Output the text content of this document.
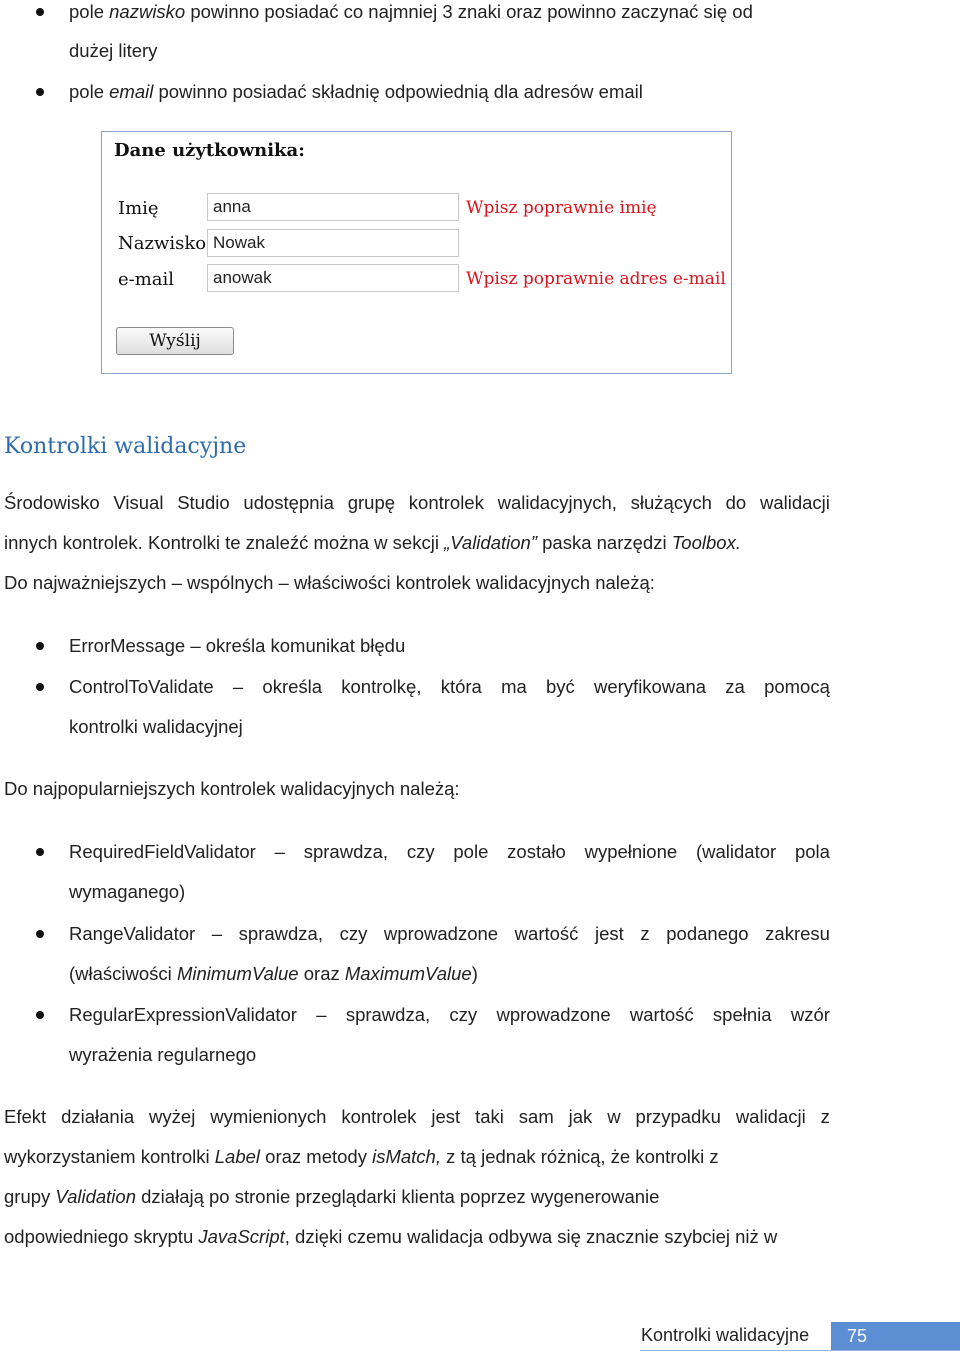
pole nazwisko powinno posiadać co najmniej 3 znaki oraz powinno zaczynać się od
dużej litery
pole email powinno posiadać składnię odpowiednią dla adresów email
Dane użytkownika:
Imię	anna	Wpisz poprawnie imię
Nazwisko Nowak
e-mail	anowak	Wpisz poprawnie adres e-mail
Wyślij
Kontrolki walidacyjne
Środowisko Visual Studio udostępnia grupę kontrolek walidacyjnych, służących do walidacji
innych kontrolek. Kontrolki te znaleźć można w sekcji „Validation” paska narzędzi Toolbox.
Do najważniejszych – wspólnych – właściwości kontrolek walidacyjnych należą:
ErrorMessage – określa komunikat błędu
ControlToValidate – określa kontrolkę, która ma być weryfikowana za pomocą
kontrolki walidacyjnej
Do najpopularniejszych kontrolek walidacyjnych należą:
RequiredFieldValidator – sprawdza, czy pole zostało wypełnione (walidator pola
wymaganego)
RangeValidator – sprawdza, czy wprowadzone wartość jest z podanego zakresu
(właściwości MinimumValue oraz MaximumValue)
RegularExpressionValidator – sprawdza, czy wprowadzone wartość spełnia wzór
wyrażenia regularnego
Efekt działania wyżej wymienionych kontrolek jest taki sam jak w przypadku walidacji z
wykorzystaniem kontrolki Label oraz metody isMatch, z tą jednak różnicą, że kontrolki z
grupy Validation działają po stronie przeglądarki klienta poprzez wygenerowanie
odpowiedniego skryptu JavaScript, dzięki czemu walidacja odbywa się znacznie szybciej niż w
Kontrolki walidacyjne	75
